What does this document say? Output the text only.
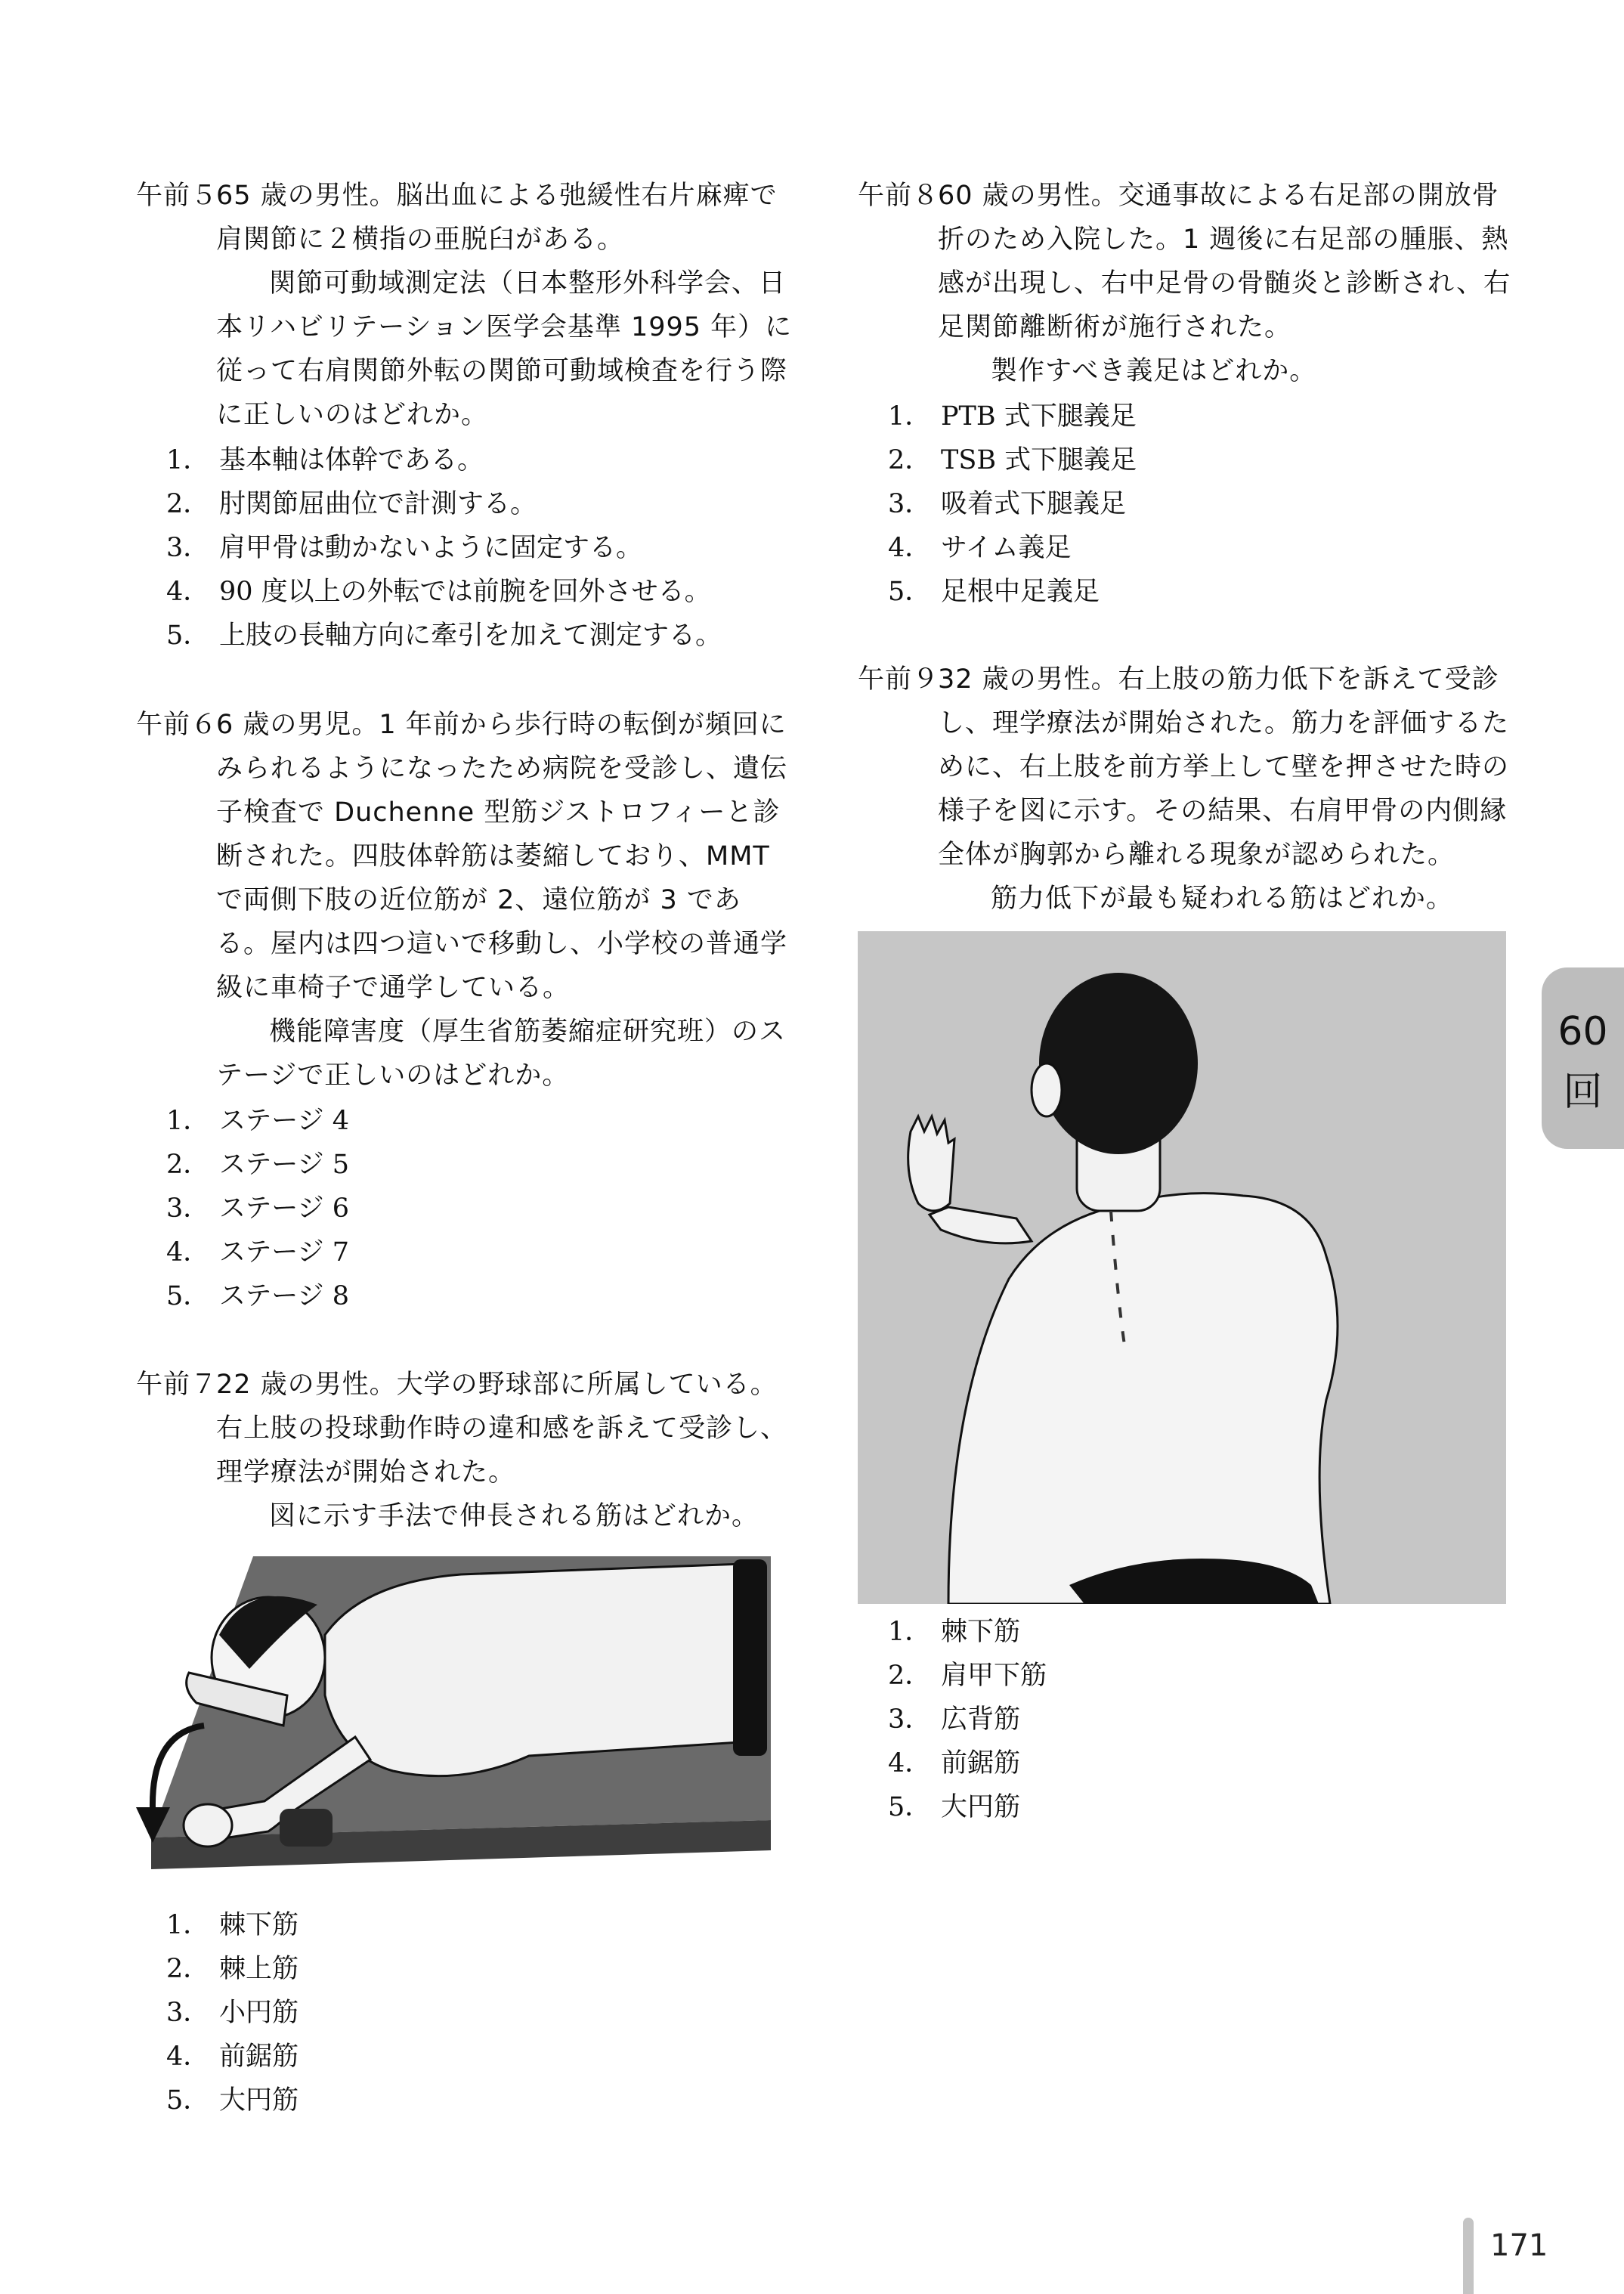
午前５

65 歳の男性。脳出血による弛緩性右片麻痺で肩関節に２横指の亜脱臼がある。

関節可動域測定法（日本整形外科学会、日本リハビリテーション医学会基準 1995 年）に従って右肩関節外転の関節可動域検査を行う際に正しいのはどれか。

1． 基本軸は体幹である。
2． 肘関節屈曲位で計測する。
3． 肩甲骨は動かないように固定する。
4． 90 度以上の外転では前腕を回外させる。
5． 上肢の長軸方向に牽引を加えて測定する。
午前６

6 歳の男児。1 年前から歩行時の転倒が頻回にみられるようになったため病院を受診し、遺伝子検査で Duchenne 型筋ジストロフィーと診断された。四肢体幹筋は萎縮しており、MMT で両側下肢の近位筋が 2、遠位筋が 3 である。屋内は四つ這いで移動し、小学校の普通学級に車椅子で通学している。

機能障害度（厚生省筋萎縮症研究班）のステージで正しいのはどれか。

1． ステージ 4
2． ステージ 5
3． ステージ 6
4． ステージ 7
5． ステージ 8
午前７

22 歳の男性。大学の野球部に所属している。右上肢の投球動作時の違和感を訴えて受診し、理学療法が開始された。

図に示す手法で伸長される筋はどれか。

1． 棘下筋
2． 棘上筋
3． 小円筋
4． 前鋸筋
5． 大円筋
午前８

60 歳の男性。交通事故による右足部の開放骨折のため入院した。1 週後に右足部の腫脹、熱感が出現し、右中足骨の骨髄炎と診断され、右足関節離断術が施行された。

製作すべき義足はどれか。

1． PTB 式下腿義足
2． TSB 式下腿義足
3． 吸着式下腿義足
4． サイム義足
5． 足根中足義足
午前９

32 歳の男性。右上肢の筋力低下を訴えて受診し、理学療法が開始された。筋力を評価するために、右上肢を前方挙上して壁を押させた時の様子を図に示す。その結果、右肩甲骨の内側縁全体が胸郭から離れる現象が認められた。

筋力低下が最も疑われる筋はどれか。

1． 棘下筋
2． 肩甲下筋
3． 広背筋
4． 前鋸筋
5． 大円筋
60
回
171
